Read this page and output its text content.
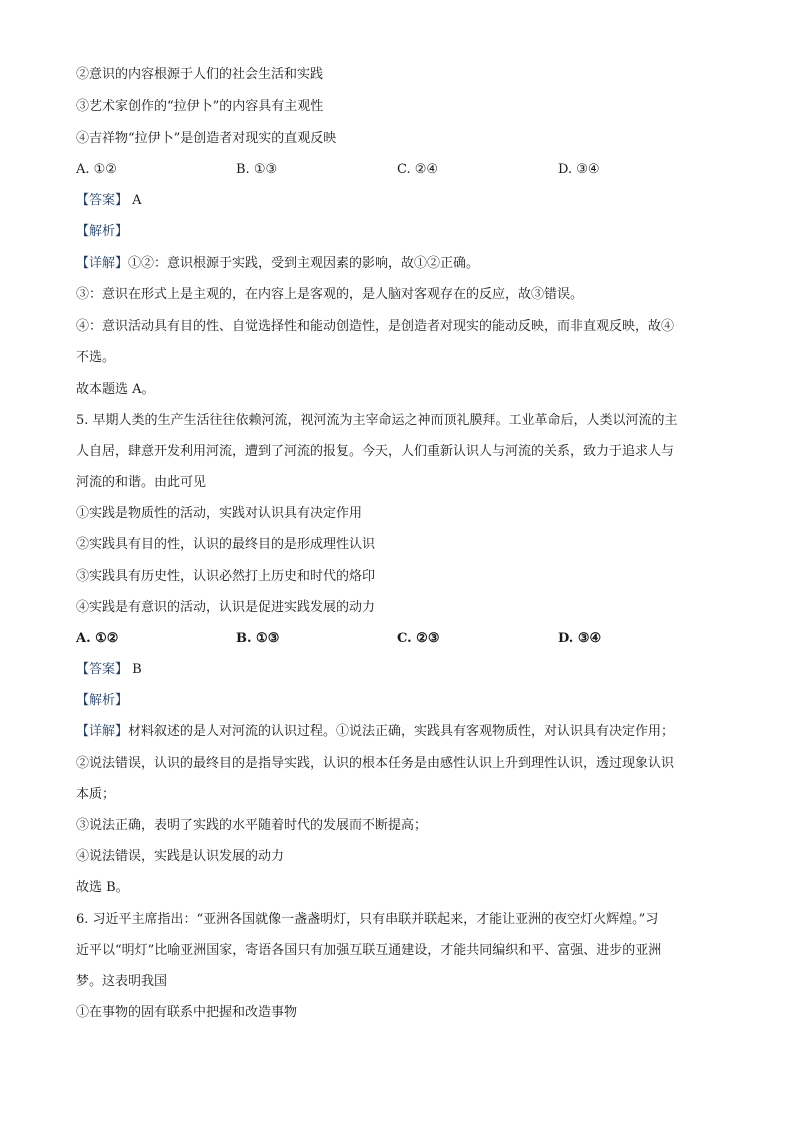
②意识的内容根源于人们的社会生活和实践
③艺术家创作的“拉伊卜”的内容具有主观性
④吉祥物“拉伊卜”是创造者对现实的直观反映
A. ①②	B. ①③	C. ②④	D. ③④
【答案】 A
【解析】
【详解】①②：意识根源于实践，受到主观因素的影响，故①②正确。
③：意识在形式上是主观的，在内容上是客观的，是人脑对客观存在的反应，故③错误。
④：意识活动具有目的性、自觉选择性和能动创造性，是创造者对现实的能动反映，而非直观反映，故④
不选。
故本题选 A。
5. 早期人类的生产生活往往依赖河流，视河流为主宰命运之神而顶礼膜拜。工业革命后，人类以河流的主
人自居，肆意开发利用河流，遭到了河流的报复。今天，人们重新认识人与河流的关系，致力于追求人与
河流的和谐。由此可见
①实践是物质性的活动，实践对认识具有决定作用
②实践具有目的性，认识的最终目的是形成理性认识
③实践具有历史性，认识必然打上历史和时代的烙印
④实践是有意识的活动，认识是促进实践发展的动力
A. ①②	B. ①③	C. ②③	D. ③④
【答案】 B
【解析】
【详解】材料叙述的是人对河流的认识过程。①说法正确，实践具有客观物质性，对认识具有决定作用；
②说法错误，认识的最终目的是指导实践，认识的根本任务是由感性认识上升到理性认识，透过现象认识
本质；
③说法正确，表明了实践的水平随着时代的发展而不断提高；
④说法错误，实践是认识发展的动力
故选 B。
6. 习近平主席指出：“亚洲各国就像一盏盏明灯，只有串联并联起来，才能让亚洲的夜空灯火辉煌。”习
近平以“明灯”比喻亚洲国家，寄语各国只有加强互联互通建设，才能共同编织和平、富强、进步的亚洲
梦。这表明我国
①在事物的固有联系中把握和改造事物
